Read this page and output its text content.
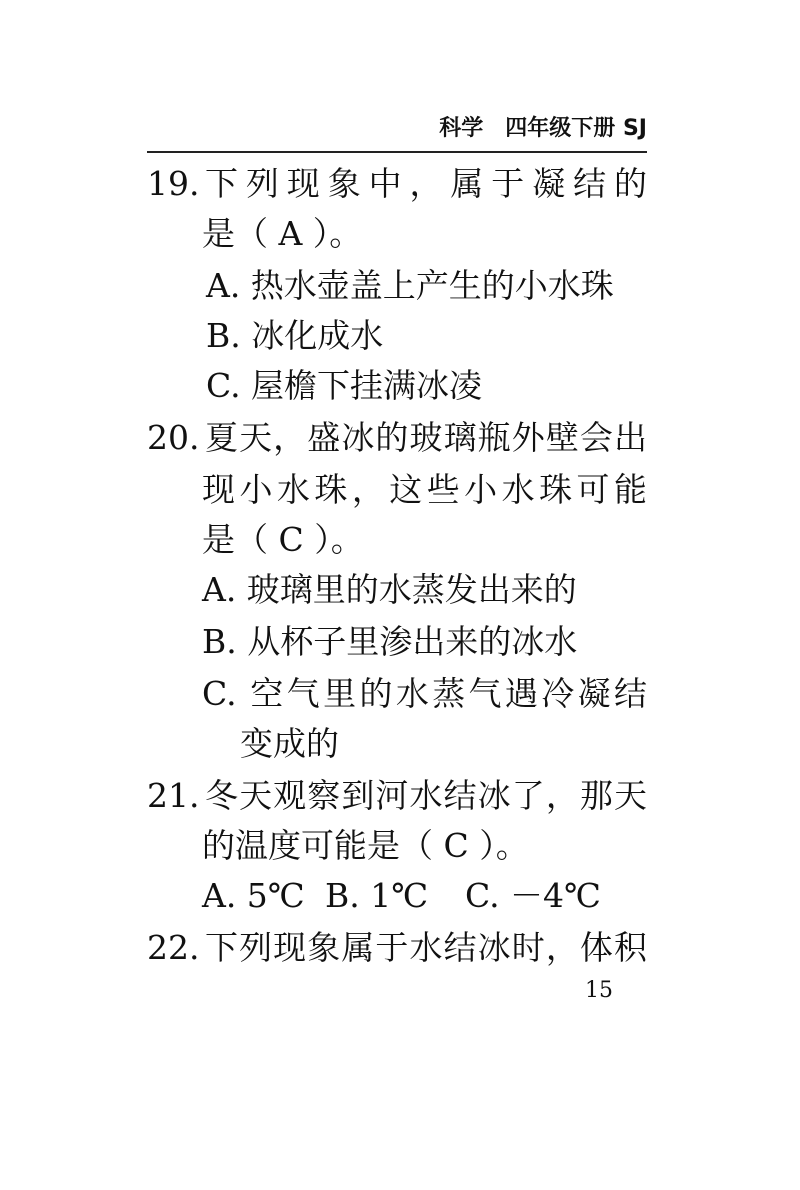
科学 四年级下册 SJ
19. 下列现象中，属于凝结的
是（ A ）。
A. 热水壶盖上产生的小水珠
B. 冰化成水
C. 屋檐下挂满冰凌
20. 夏天，盛冰的玻璃瓶外壁会出
现小水珠，这些小水珠可能
是（ C ）。
A. 玻璃里的水蒸发出来的
B. 从杯子里渗出来的冰水
C. 空气里的水蒸气遇冷凝结
变成的
21. 冬天观察到河水结冰了，那天
的温度可能是（ C ）。
A. 5℃ B. 1℃ C. －4℃
22. 下列现象属于水结冰时，体积
15
